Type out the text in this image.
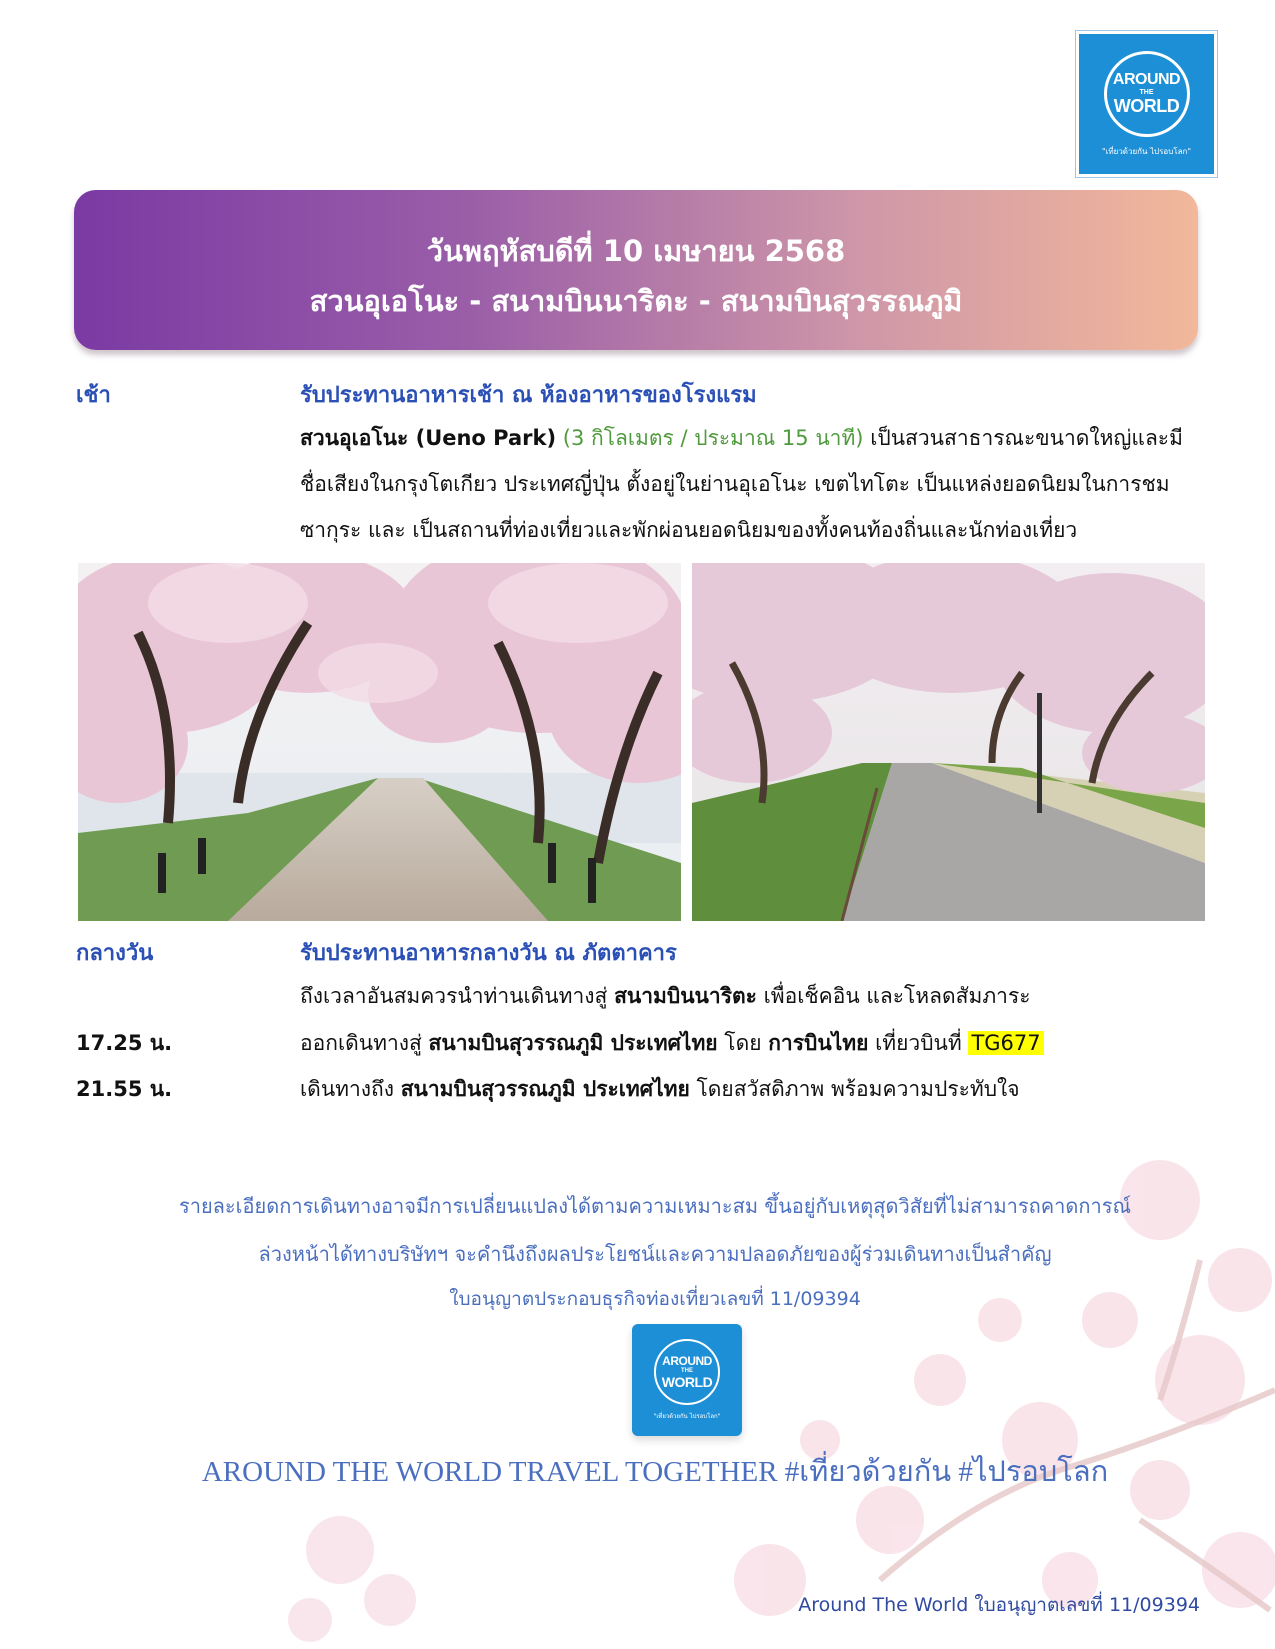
AROUND
THE
WORLD
"เที่ยวด้วยกัน ไปรอบโลก"
วันพฤหัสบดีที่ 10 เมษายน 2568
สวนอุเอโนะ - สนามบินนาริตะ - สนามบินสุวรรณภูมิ
เช้า	รับประทานอาหารเช้า ณ ห้องอาหารของโรงแรม
สวนอุเอโนะ (Ueno Park) (3 กิโลเมตร / ประมาณ 15 นาที) เป็นสวนสาธารณะขนาดใหญ่และมี
ชื่อเสียงในกรุงโตเกียว ประเทศญี่ปุ่น ตั้งอยู่ในย่านอุเอโนะ เขตไทโตะ เป็นแหล่งยอดนิยมในการชม
ซากุระ และ เป็นสถานที่ท่องเที่ยวและพักผ่อนยอดนิยมของทั้งคนท้องถิ่นและนักท่องเที่ยว
กลางวัน	รับประทานอาหารกลางวัน ณ ภัตตาคาร
ถึงเวลาอันสมควรนำท่านเดินทางสู่ สนามบินนาริตะ เพื่อเช็คอิน และโหลดสัมภาระ
17.25 น.	ออกเดินทางสู่ สนามบินสุวรรณภูมิ ประเทศไทย โดย การบินไทย เที่ยวบินที่ TG677
21.55 น.	เดินทางถึง สนามบินสุวรรณภูมิ ประเทศไทย โดยสวัสดิภาพ พร้อมความประทับใจ
รายละเอียดการเดินทางอาจมีการเปลี่ยนแปลงได้ตามความเหมาะสม ขึ้นอยู่กับเหตุสุดวิสัยที่ไม่สามารถคาดการณ์
ล่วงหน้าได้ทางบริษัทฯ จะคำนึงถึงผลประโยชน์และความปลอดภัยของผู้ร่วมเดินทางเป็นสำคัญ
ใบอนุญาตประกอบธุรกิจท่องเที่ยวเลขที่ 11/09394
AROUND
THE
WORLD
"เที่ยวด้วยกัน ไปรอบโลก"
AROUND THE WORLD TRAVEL TOGETHER #เที่ยวด้วยกัน #ไปรอบโลก
Around The World ใบอนุญาตเลขที่ 11/09394
